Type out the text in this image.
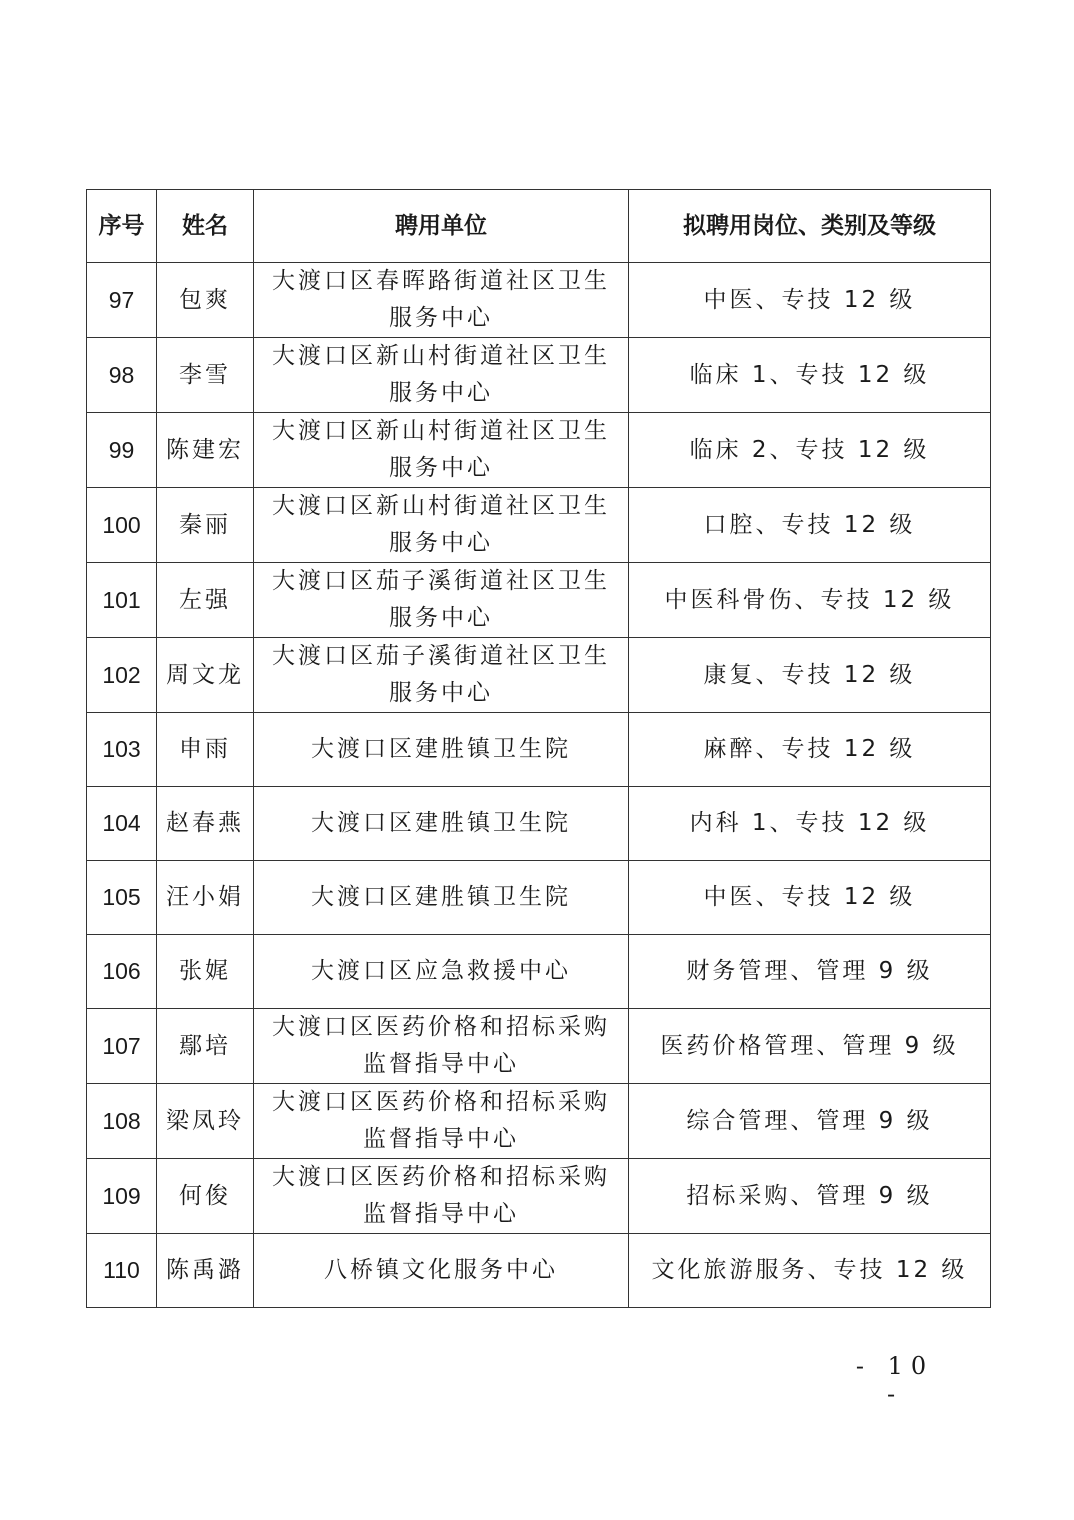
序号	姓名	聘用单位	拟聘用岗位、类别及等级
97	包爽	大渡口区春晖路街道社区卫生服务中心	中医、专技 12 级
98	李雪	大渡口区新山村街道社区卫生服务中心	临床 1、专技 12 级
99	陈建宏	大渡口区新山村街道社区卫生服务中心	临床 2、专技 12 级
100	秦丽	大渡口区新山村街道社区卫生服务中心	口腔、专技 12 级
101	左强	大渡口区茄子溪街道社区卫生服务中心	中医科骨伤、专技 12 级
102	周文龙	大渡口区茄子溪街道社区卫生服务中心	康复、专技 12 级
103	申雨	大渡口区建胜镇卫生院	麻醉、专技 12 级
104	赵春燕	大渡口区建胜镇卫生院	内科 1、专技 12 级
105	汪小娟	大渡口区建胜镇卫生院	中医、专技 12 级
106	张娓	大渡口区应急救援中心	财务管理、管理 9 级
107	鄢培	大渡口区医药价格和招标采购监督指导中心	医药价格管理、管理 9 级
108	梁凤玲	大渡口区医药价格和招标采购监督指导中心	综合管理、管理 9 级
109	何俊	大渡口区医药价格和招标采购监督指导中心	招标采购、管理 9 级
110	陈禹潞	八桥镇文化服务中心	文化旅游服务、专技 12 级
- 10 -
